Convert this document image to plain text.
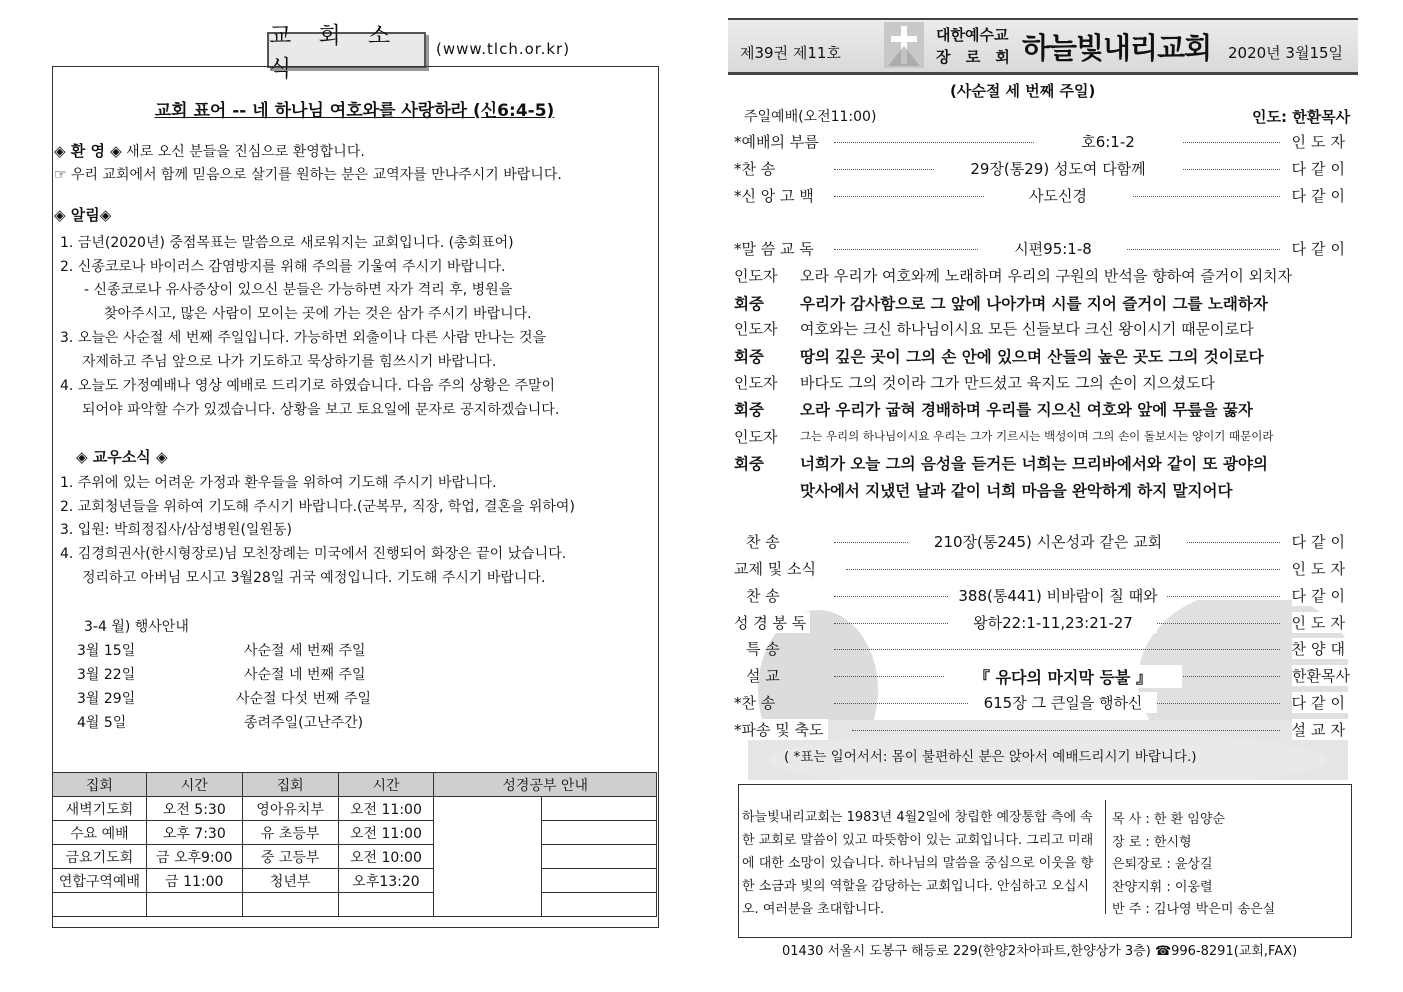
교 회 소 식
(www.tlch.or.kr)
교회 표어 -- 네 하나님 여호와를 사랑하라 (신6:4-5)
◈ 환 영 ◈ 새로 오신 분들을 진심으로 환영합니다.
☞ 우리 교회에서 함께 믿음으로 살기를 원하는 분은 교역자를 만나주시기 바랍니다.
◈ 알림◈
1. 금년(2020년) 중점목표는 말씀으로 새로워지는 교회입니다. (총회표어)
2. 신종코로나 바이러스 감염방지를 위해 주의를 기울여 주시기 바랍니다.
- 신종코로나 유사증상이 있으신 분들은 가능하면 자가 격리 후, 병원을
찾아주시고, 많은 사람이 모이는 곳에 가는 것은 삼가 주시기 바랍니다.
3. 오늘은 사순절 세 번째 주일입니다. 가능하면 외출이나 다른 사람 만나는 것을
자제하고 주님 앞으로 나가 기도하고 묵상하기를 힘쓰시기 바랍니다.
4. 오늘도 가정예배나 영상 예배로 드리기로 하였습니다. 다음 주의 상황은 주말이
되어야 파악할 수가 있겠습니다. 상황을 보고 토요일에 문자로 공지하겠습니다.
◈ 교우소식 ◈
1. 주위에 있는 어려운 가정과 환우들을 위하여 기도해 주시기 바랍니다.
2. 교회청년들을 위하여 기도해 주시기 바랍니다.(군복무, 직장, 학업, 결혼을 위하여)
3. 입원: 박희정집사/삼성병원(일원동)
4. 김경희권사(한시형장로)님 모친장례는 미국에서 진행되어 화장은 끝이 났습니다.
정리하고 아버님 모시고 3월28일 귀국 예정입니다. 기도해 주시기 바랍니다.
3-4 월) 행사안내
3월 15일	사순절 세 번째 주일
3월 22일	사순절 네 번째 주일
3월 29일	사순절 다섯 번째 주일
4월 5일	종려주일(고난주간)
집회	시간	집회	시간	성경공부 안내	
새벽기도회	오전 5:30	영아유치부	오전 11:00		
수요 예배	오후 7:30	유 초등부	오전 11:00		
금요기도회	금 오후9:00	중 고등부	오전 10:00		
연합구역예배	금 11:00	청년부	오후13:20		

제39권 제11호
대한예수교
장 로 회 하늘빛내리교회 2020년 3월15일
(사순절 세 번째 주일)
주일예배(오전11:00)	인도: 한환목사
*예배의 부름	호6:1-2	인도자
*찬 송	29장(통29) 성도여 다함께	다같이
*신 앙 고 백	사도신경	다같이
*말 씀 교 독	시편95:1-8	다같이
인도자 오라 우리가 여호와께 노래하며 우리의 구원의 반석을 향하여 즐거이 외치자
회중 우리가 감사함으로 그 앞에 나아가며 시를 지어 즐거이 그를 노래하자
인도자 여호와는 크신 하나님이시요 모든 신들보다 크신 왕이시기 때문이로다
회중 땅의 깊은 곳이 그의 손 안에 있으며 산들의 높은 곳도 그의 것이로다
인도자 바다도 그의 것이라 그가 만드셨고 육지도 그의 손이 지으셨도다
회중 오라 우리가 굽혀 경배하며 우리를 지으신 여호와 앞에 무릎을 꿇자
인도자 그는 우리의 하나님이시요 우리는 그가 기르시는 백성이며 그의 손이 돌보시는 양이기 때문이라
회중 너희가 오늘 그의 음성을 듣거든 너희는 므리바에서와 같이 또 광야의
맛사에서 지냈던 날과 같이 너희 마음을 완악하게 하지 말지어다
찬 송	210장(통245) 시온성과 같은 교회	다같이
교제 및 소식	인도자
찬 송	388(통441) 비바람이 칠 때와	다같이
성 경 봉 독	왕하22:1-11,23:21-27	인도자
특 송	찬양대
설 교	『 유다의 마지막 등불 』	한환목사
*찬 송	615장 그 큰일을 행하신	다같이
*파송 및 축도	설교자
( *표는 일어서서: 몸이 불편하신 분은 앉아서 예배드리시기 바랍니다.)
하늘빛내리교회는 1983년 4월2일에 창립한 예장통합 측에 속한 교회로 말씀이 있고 따뜻함이 있는 교회입니다. 그리고 미래에 대한 소망이 있습니다. 하나님의 말씀을 중심으로 이웃을 향한 소금과 빛의 역할을 감당하는 교회입니다. 안심하고 오십시오. 여러분을 초대합니다.
목 사 : 한 환 임양순
장 로 : 한시형
은퇴장로 : 윤상길
찬양지휘 : 이웅렬
반 주 : 김나영 박은미 송은실
01430 서울시 도봉구 해등로 229(한양2차아파트,한양상가 3층) ☎996-8291(교회,FAX)
